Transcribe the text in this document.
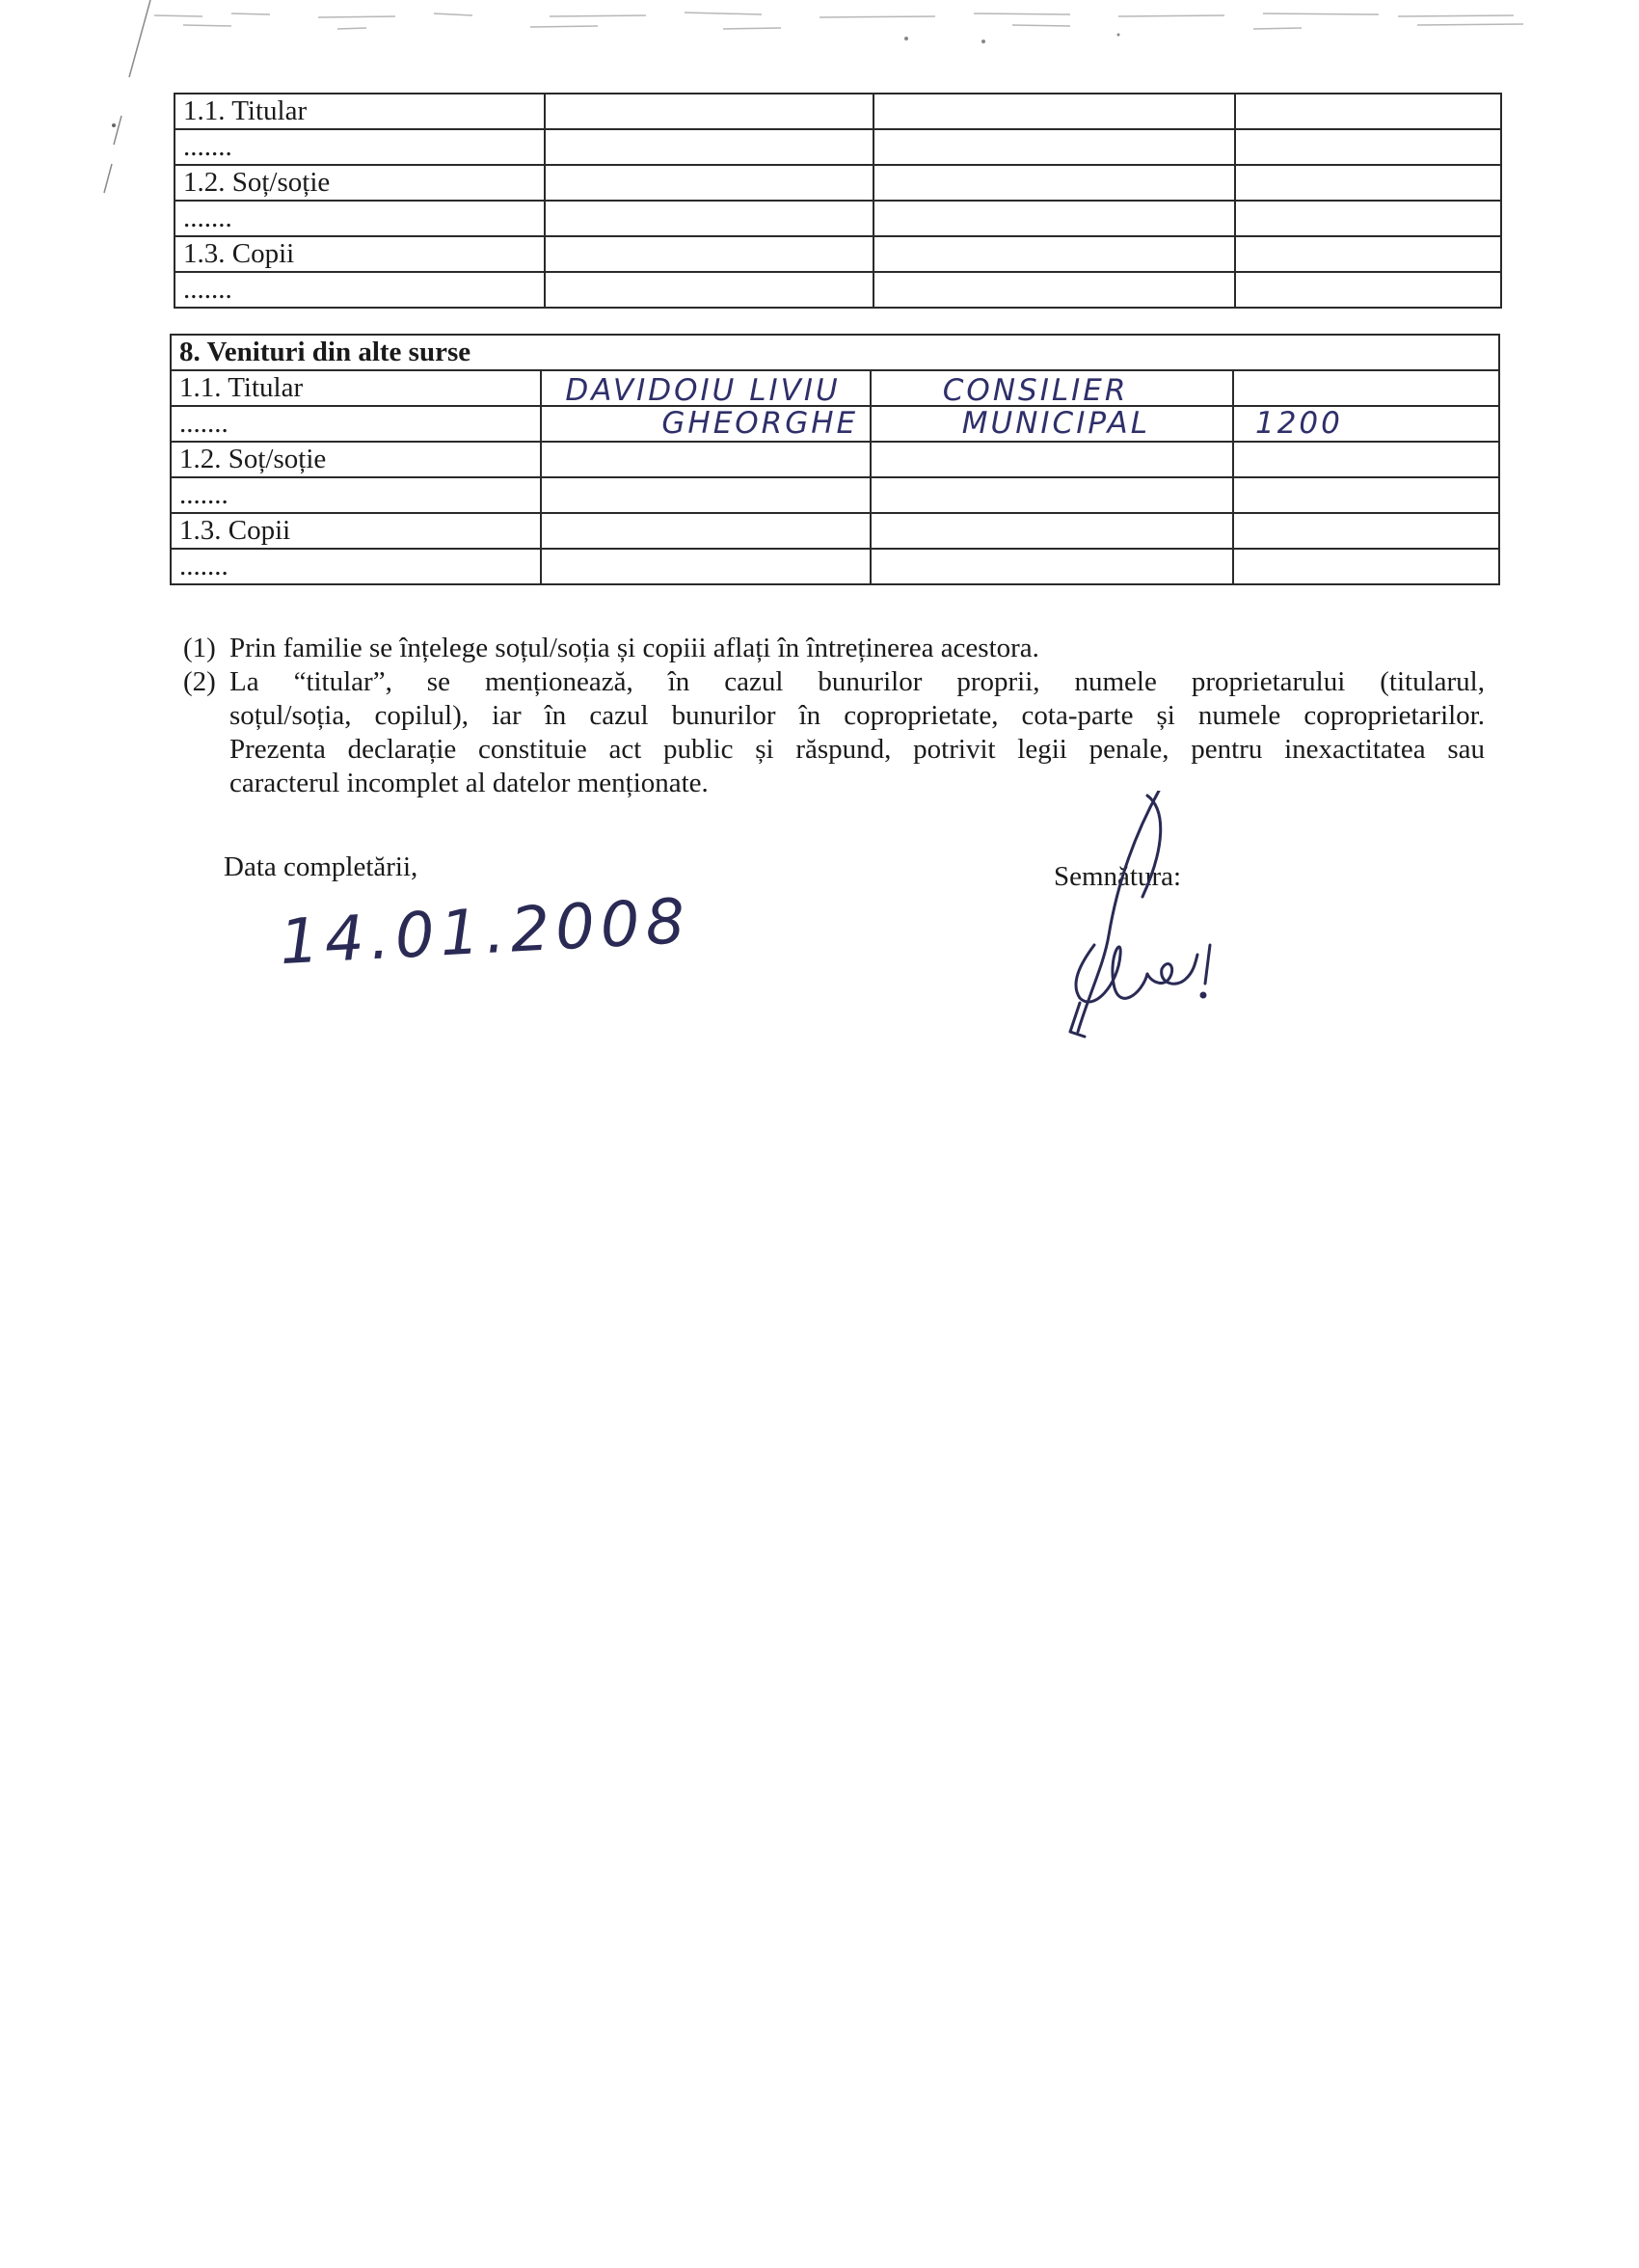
1.1. Titular			
.......			
1.2. Soț/soție			
.......			
1.3. Copii			
.......			
8. Venituri din alte surse			
1.1. Titular	DAVIDOIU LIVIU	CONSILIER	

.......	GHEORGHE	MUNICIPAL	1200

1.2. Soț/soție			
.......			
1.3. Copii			
.......			
(1) Prin familie se înțelege soțul/soția și copiii aflați în întreținerea acestora.
(2) La “titular”, se menționează, în cazul bunurilor proprii, numele proprietarului (titularul,
soțul/soția, copilul), iar în cazul bunurilor în coproprietate, cota-parte și numele coproprietarilor.
Prezenta declarație constituie act public și răspund, potrivit legii penale, pentru inexactitatea sau
caracterul incomplet al datelor menționate.
Data completării,
14.01.2008
Semnătura:
